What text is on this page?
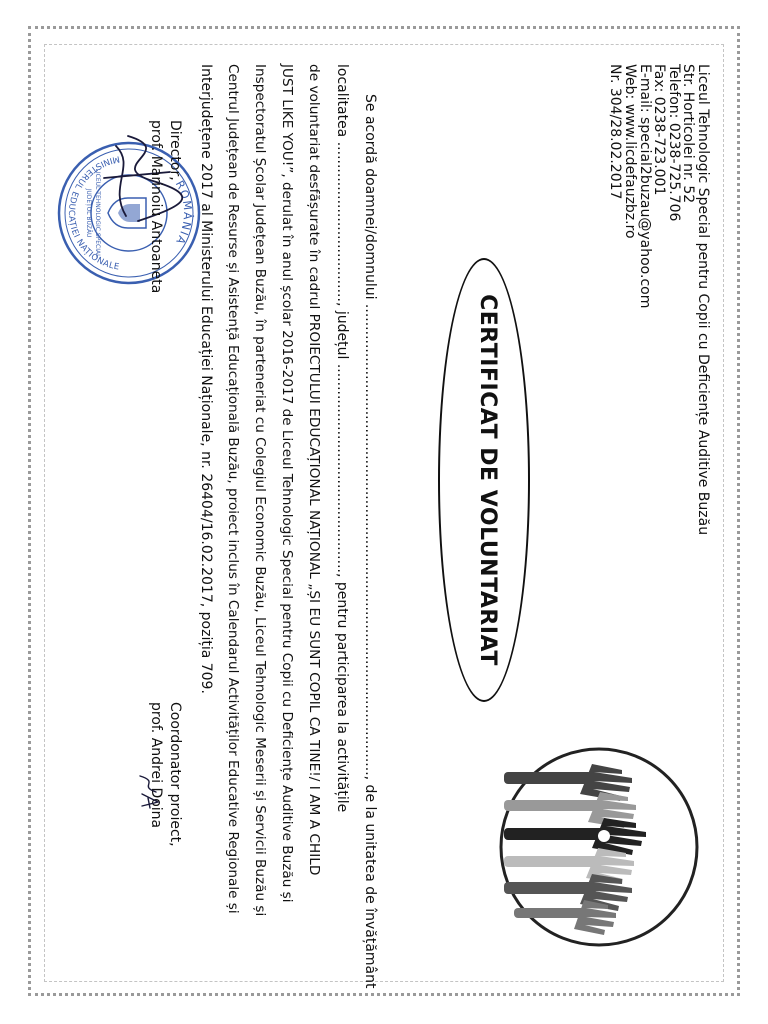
Liceul Tehnologic Special pentru Copii cu Deficiențe Auditive Buzău
Str. Horticolei nr. 52
Telefon: 0238-725.706
Fax: 0238-723.001
E-mail: special2buzau@yahoo.com
Web: www.licdefauzbz.ro
Nr. 304/28.02.2017
CERTIFICAT DE VOLUNTARIAT
Se acordă doamnei/domnului .........................................................................................................., de la unitatea de învățământ
localitatea ...................................., județul ..............................................., pentru participarea la activitățile
de voluntariat desfășurate în cadrul PROIECTULUI EDUCAȚIONAL NAȚIONAL „ȘI EU SUNT COPIL CA TINE!/ I AM A CHILD
JUST LIKE YOU!”, derulat în anul școlar 2016-2017 de Liceul Tehnologic Special pentru Copii cu Deficiențe Auditive Buzău și
Inspectoratul Școlar Județean Buzău, în parteneriat cu Colegiul Economic Buzău, Liceul Tehnologic Meserii și Servicii Buzău și
Centrul Județean de Resurse și Asistență Educațională Buzău, proiect inclus în Calendarul Activităților Educative Regionale și
Interjudețene 2017 al Ministerului Educației Naționale, nr. 26404/16.02.2017, poziția 709.
ROMÂNIA
MINISTERUL EDUCAȚIEI NAȚIONALE
LICEUL TEHNOLOGIC SPECIAL
JUDEȚUL BUZĂU
Director,
prof. Marinoiu Antoaneta
Coordonator proiect,
prof. Andrei Doina
